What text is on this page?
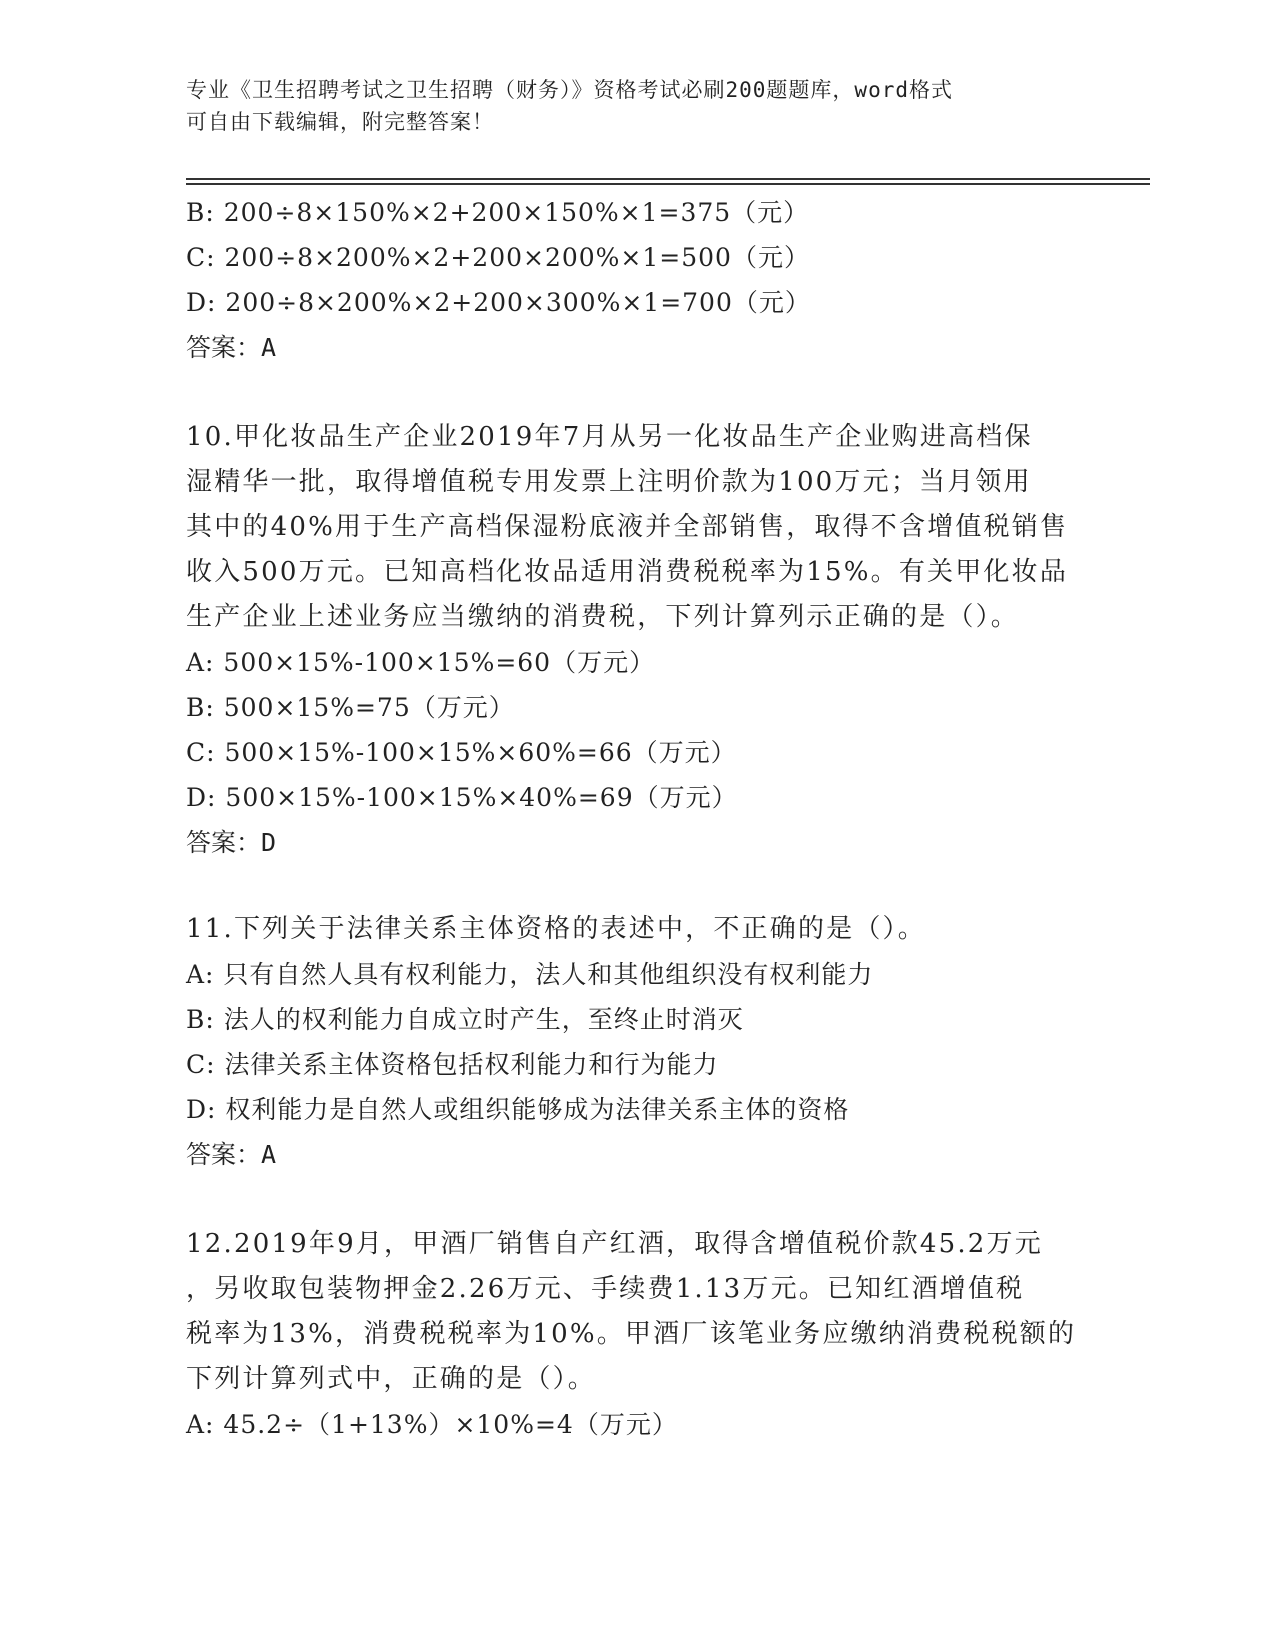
专业《卫生招聘考试之卫生招聘（财务）》资格考试必刷200题题库，word格式
可自由下载编辑，附完整答案！
B: 200÷8×150%×2+200×150%×1=375（元）
C: 200÷8×200%×2+200×200%×1=500（元）
D: 200÷8×200%×2+200×300%×1=700（元）
答案：A
10.甲化妆品生产企业2019年7月从另一化妆品生产企业购进高档保
湿精华一批，取得增值税专用发票上注明价款为100万元；当月领用
其中的40%用于生产高档保湿粉底液并全部销售，取得不含增值税销售
收入500万元。已知高档化妆品适用消费税税率为15%。有关甲化妆品
生产企业上述业务应当缴纳的消费税，下列计算列示正确的是（）。
A: 500×15%-100×15%=60（万元）
B: 500×15%=75（万元）
C: 500×15%-100×15%×60%=66（万元）
D: 500×15%-100×15%×40%=69（万元）
答案：D
11.下列关于法律关系主体资格的表述中，不正确的是（）。
A: 只有自然人具有权利能力，法人和其他组织没有权利能力
B: 法人的权利能力自成立时产生，至终止时消灭
C: 法律关系主体资格包括权利能力和行为能力
D: 权利能力是自然人或组织能够成为法律关系主体的资格
答案：A
12.2019年9月，甲酒厂销售自产红酒，取得含增值税价款45.2万元
，另收取包装物押金2.26万元、手续费1.13万元。已知红酒增值税
税率为13%，消费税税率为10%。甲酒厂该笔业务应缴纳消费税税额的
下列计算列式中，正确的是（）。
A: 45.2÷（1+13%）×10%=4（万元）
